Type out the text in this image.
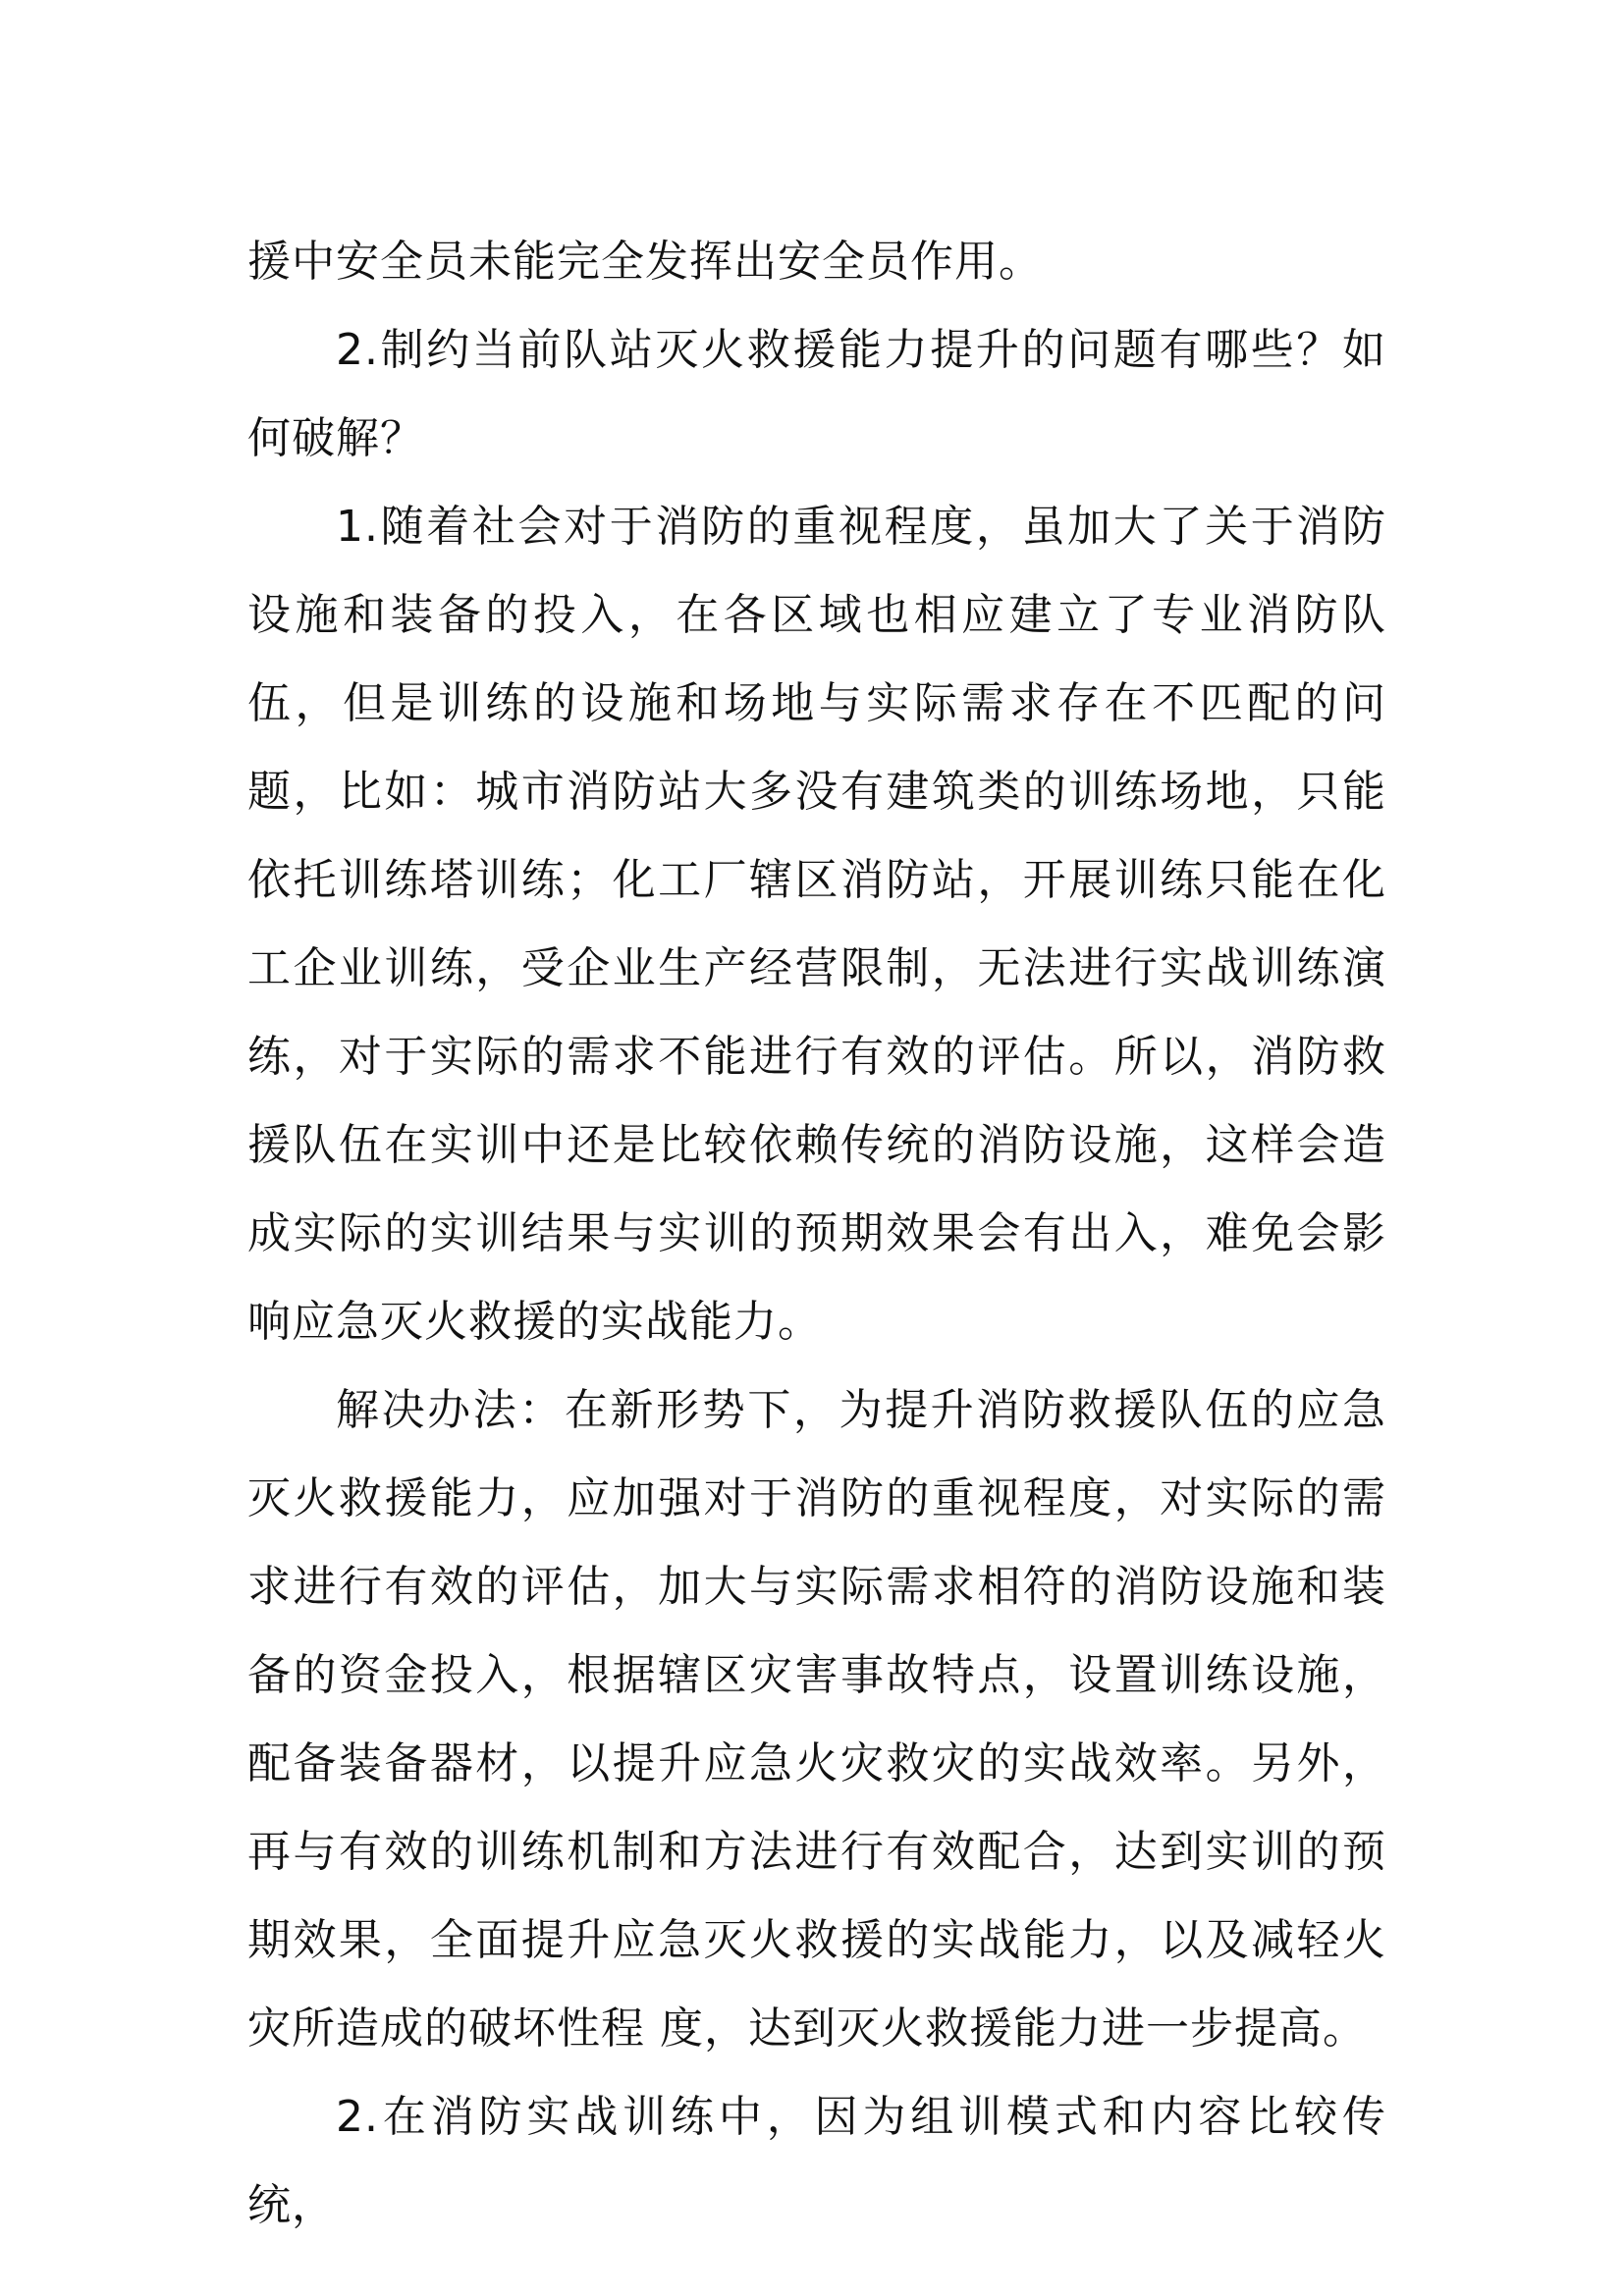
援中安全员未能完全发挥出安全员作用。

2.制约当前队站灭火救援能力提升的问题有哪些？如何破解？

1.随着社会对于消防的重视程度，虽加大了关于消防设施和装备的投入，在各区域也相应建立了专业消防队伍，但是训练的设施和场地与实际需求存在不匹配的问题，比如：城市消防站大多没有建筑类的训练场地，只能依托训练塔训练；化工厂辖区消防站，开展训练只能在化工企业训练，受企业生产经营限制，无法进行实战训练演练，对于实际的需求不能进行有效的评估。所以，消防救援队伍在实训中还是比较依赖传统的消防设施，这样会造成实际的实训结果与实训的预期效果会有出入，难免会影响应急灭火救援的实战能力。

解决办法：在新形势下，为提升消防救援队伍的应急灭火救援能力，应加强对于消防的重视程度，对实际的需求进行有效的评估，加大与实际需求相符的消防设施和装备的资金投入，根据辖区灾害事故特点，设置训练设施，配备装备器材，以提升应急火灾救灾的实战效率。另外，再与有效的训练机制和方法进行有效配合，达到实训的预期效果，全面提升应急灭火救援的实战能力，以及减轻火灾所造成的破坏性程 度，达到灭火救援能力进一步提高。

2.在消防实战训练中，因为组训模式和内容比较传统，
